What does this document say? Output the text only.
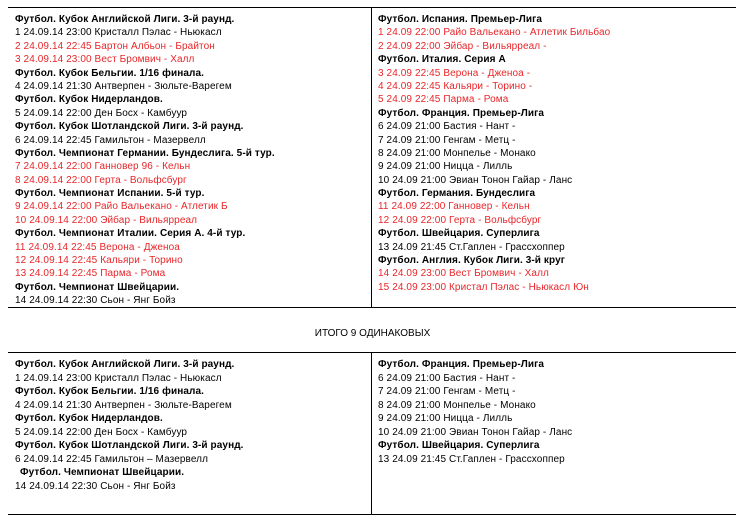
Футбол. Кубок Английской Лиги. 3-й раунд.
1 24.09.14 23:00 Кристалл Пэлас - Ньюкасл
2 24.09.14 22:45 Бартон Албьон - Брайтон
3 24.09.14 23:00 Вест Бромвич - Халл
Футбол. Кубок Бельгии. 1/16 финала.
4 24.09.14 21:30 Антверпен - Зюльте-Варегем
Футбол. Кубок Нидерландов.
5 24.09.14 22:00 Ден Босх - Камбуур
Футбол. Кубок Шотландской Лиги. 3-й раунд.
6 24.09.14 22:45 Гамильтон - Мазервелл
Футбол. Чемпионат Германии. Бундеслига. 5-й тур.
7 24.09.14 22:00 Ганновер 96 - Кельн
8 24.09.14 22:00 Герта - Вольфсбург
Футбол. Чемпионат Испании. 5-й тур.
9 24.09.14 22:00 Райо Вальекано - Атлетик Б
10 24.09.14 22:00 Эйбар - Вильярреал
Футбол. Чемпионат Италии. Серия А. 4-й тур.
11 24.09.14 22:45 Верона - Дженоа
12 24.09.14 22:45 Кальяри - Торино
13 24.09.14 22:45 Парма - Рома
Футбол. Чемпионат Швейцарии.
14 24.09.14 22:30 Сьон - Янг Бойз
Футбол. Испания. Премьер-Лига
1 24.09 22:00 Райо Вальекано - Атлетик Бильбао
2 24.09 22:00 Эйбар - Вильярреал -
Футбол. Италия. Серия А
3 24.09 22:45 Верона - Дженоа -
4 24.09 22:45 Кальяри - Торино -
5 24.09 22:45 Парма - Рома
Футбол. Франция. Премьер-Лига
6 24.09 21:00 Бастия - Нант -
7 24.09 21:00 Генгам - Метц -
8 24.09 21:00 Монпелье - Монако
9 24.09 21:00 Ницца - Лилль
10 24.09 21:00 Эвиан Тонон Гайар - Ланс
Футбол. Германия. Бундеслига
11 24.09 22:00 Ганновер - Кельн
12 24.09 22:00 Герта - Вольфсбург
Футбол. Швейцария. Суперлига
13 24.09 21:45 Ст.Гаплен - Грассхоппер
Футбол. Англия. Кубок Лиги. 3-й круг
14 24.09 23:00 Вест Бромвич - Халл
15 24.09 23:00 Кристал Пэлас - Ньюкасл Юн
ИТОГО 9 ОДИНАКОВЫХ
Футбол. Кубок Английской Лиги. 3-й раунд.
1 24.09.14 23:00 Кристалл Пэлас - Ньюкасл
Футбол. Кубок Бельгии. 1/16 финала.
4 24.09.14 21:30 Антверпен - Зюльте-Варегем
Футбол. Кубок Нидерландов.
5 24.09.14 22:00 Ден Босх - Камбуур
Футбол. Кубок Шотландской Лиги. 3-й раунд.
6 24.09.14 22:45 Гамильтон – Мазервелл
Футбол. Чемпионат Швейцарии.
14 24.09.14 22:30 Сьон - Янг Бойз
Футбол. Франция. Премьер-Лига
6 24.09 21:00 Бастия - Нант -
7 24.09 21:00 Генгам - Метц -
8 24.09 21:00 Монпелье - Монако
9 24.09 21:00 Ницца - Лилль
10 24.09 21:00 Эвиан Тонон Гайар - Ланс
Футбол. Швейцария. Суперлига
13 24.09 21:45 Ст.Гаплен - Грассхоппер
